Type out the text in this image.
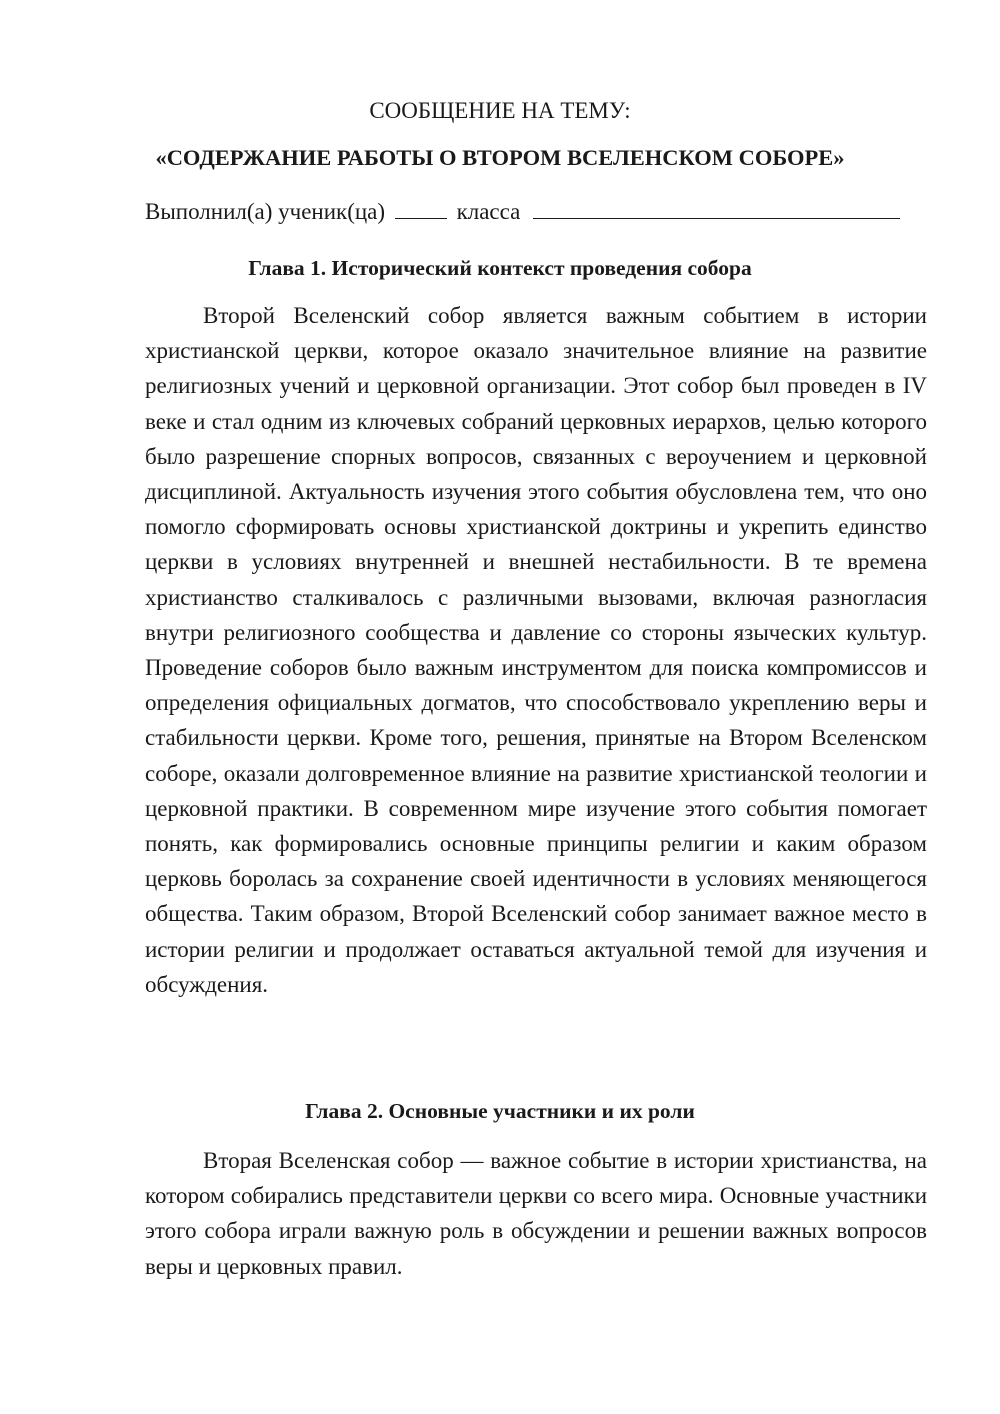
СООБЩЕНИЕ НА ТЕМУ:
«СОДЕРЖАНИЕ РАБОТЫ О ВТОРОМ ВСЕЛЕНСКОМ СОБОРЕ»
Выполнил(а) ученик(ца)	класса
Глава 1. Исторический контекст проведения собора

Второй Вселенский собор является важным событием в истории христианской церкви, которое оказало значительное влияние на развитие религиозных учений и церковной организации. Этот собор был проведен в IV веке и стал одним из ключевых собраний церковных иерархов, целью которого было разрешение спорных вопросов, связанных с вероучением и церковной дисциплиной. Актуальность изучения этого события обусловлена тем, что оно помогло сформировать основы христианской доктрины и укрепить единство церкви в условиях внутренней и внешней нестабильности. В те времена христианство сталкивалось с различными вызовами, включая разногласия внутри религиозного сообщества и давление со стороны языческих культур. Проведение соборов было важным инструментом для поиска компромиссов и определения официальных догматов, что способствовало укреплению веры и стабильности церкви. Кроме того, решения, принятые на Втором Вселенском соборе, оказали долговременное влияние на развитие христианской теологии и церковной практики. В современном мире изучение этого события помогает понять, как формировались основные принципы религии и каким образом церковь боролась за сохранение своей идентичности в условиях меняющегося общества. Таким образом, Второй Вселенский собор занимает важное место в истории религии и продолжает оставаться актуальной темой для изучения и обсуждения.

Глава 2. Основные участники и их роли

Вторая Вселенская собор — важное событие в истории христианства, на котором собирались представители церкви со всего мира. Основные участники этого собора играли важную роль в обсуждении и решении важных вопросов веры и церковных правил.
